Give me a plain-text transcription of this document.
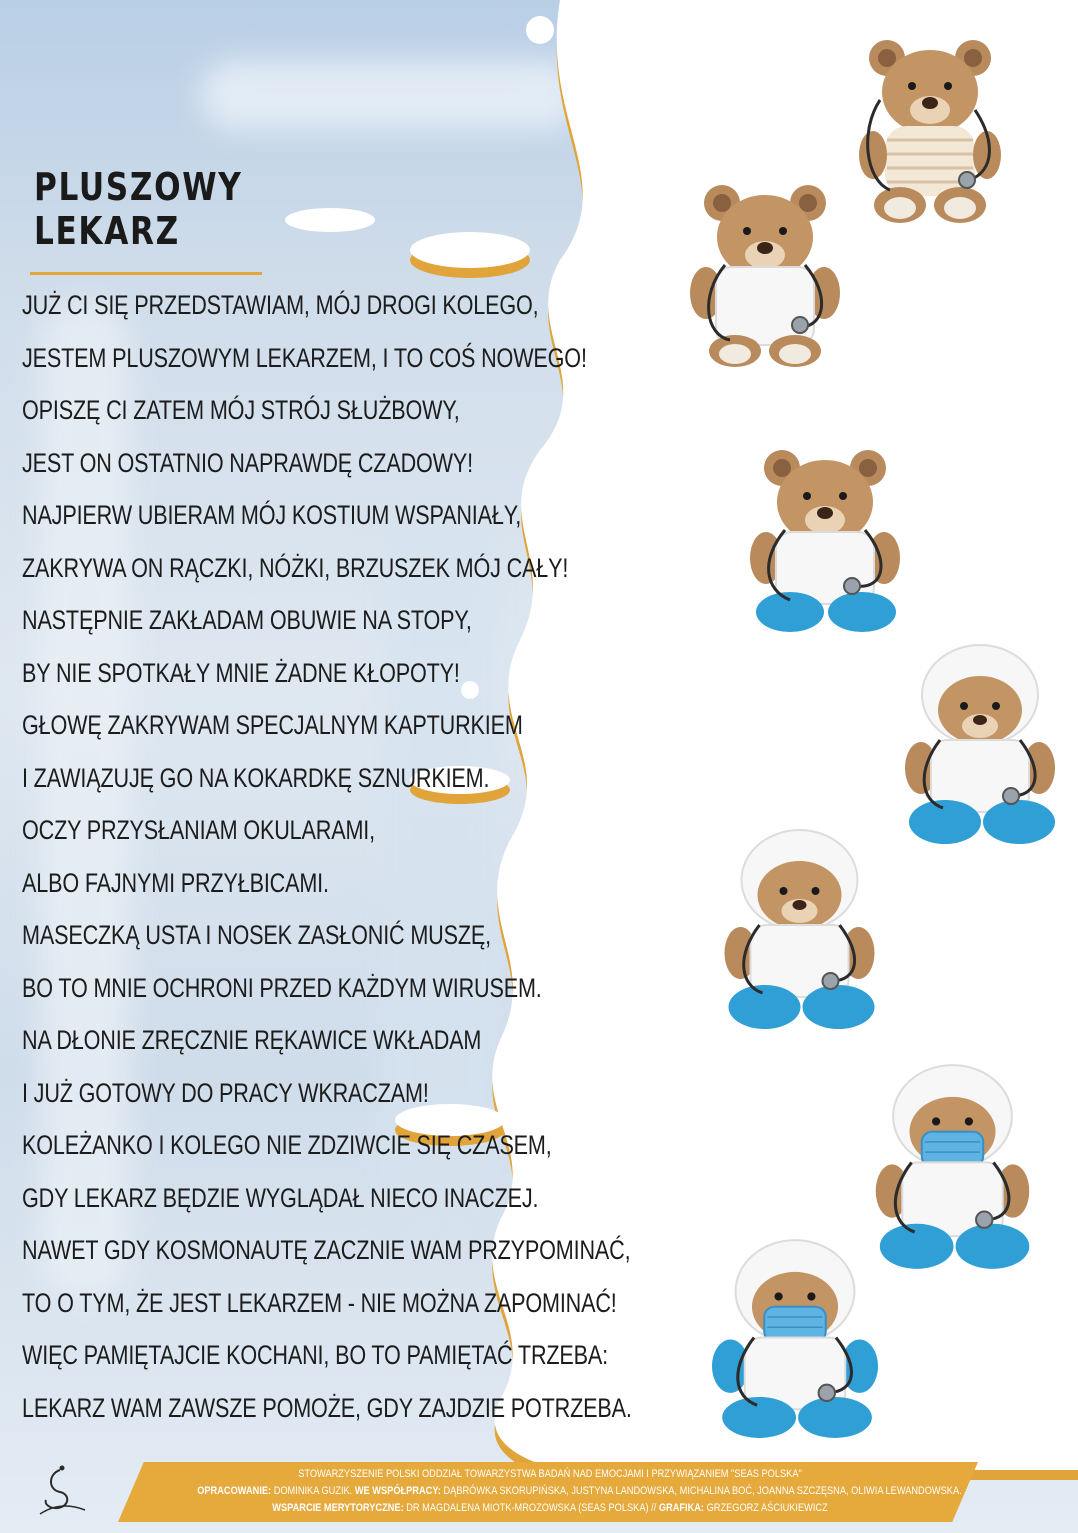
PLUSZOWY
LEKARZ
JUŻ CI SIĘ PRZEDSTAWIAM, MÓJ DROGI KOLEGO,
JESTEM PLUSZOWYM LEKARZEM, I TO COŚ NOWEGO!
OPISZĘ CI ZATEM MÓJ STRÓJ SŁUŻBOWY,
JEST ON OSTATNIO NAPRAWDĘ CZADOWY!
NAJPIERW UBIERAM MÓJ KOSTIUM WSPANIAŁY,
ZAKRYWA ON RĄCZKI, NÓŻKI, BRZUSZEK MÓJ CAŁY!
NASTĘPNIE ZAKŁADAM OBUWIE NA STOPY,
BY NIE SPOTKAŁY MNIE ŻADNE KŁOPOTY!
GŁOWĘ ZAKRYWAM SPECJALNYM KAPTURKIEM
I ZAWIĄZUJĘ GO NA KOKARDKĘ SZNURKIEM.
OCZY PRZYSŁANIAM OKULARAMI,
ALBO FAJNYMI PRZYŁBICAMI.
MASECZKĄ USTA I NOSEK ZASŁONIĆ MUSZĘ,
BO TO MNIE OCHRONI PRZED KAŻDYM WIRUSEM.
NA DŁONIE ZRĘCZNIE RĘKAWICE WKŁADAM
I JUŻ GOTOWY DO PRACY WKRACZAM!
KOLEŻANKO I KOLEGO NIE ZDZIWCIE SIĘ CZASEM,
GDY LEKARZ BĘDZIE WYGLĄDAŁ NIECO INACZEJ.
NAWET GDY KOSMONAUTĘ ZACZNIE WAM PRZYPOMINAĆ,
TO O TYM, ŻE JEST LEKARZEM - NIE MOŻNA ZAPOMINAĆ!
WIĘC PAMIĘTAJCIE KOCHANI, BO TO PAMIĘTAĆ TRZEBA:
LEKARZ WAM ZAWSZE POMOŻE, GDY ZAJDZIE POTRZEBA.
STOWARZYSZENIE POLSKI ODDZIAŁ TOWARZYSTWA BADAŃ NAD EMOCJAMI I PRZYWIĄZANIEM "SEAS POLSKA"
OPRACOWANIE: DOMINIKA GUZIK. WE WSPÓŁPRACY: DĄBRÓWKA SKORUPIŃSKA, JUSTYNA LANDOWSKA, MICHALINA BOĆ, JOANNA SZCZĘSNA, OLIWIA LEWANDOWSKA.
WSPARCIE MERYTORYCZNE: DR MAGDALENA MIOTK-MROZOWSKA (SEAS POLSKA) // GRAFIKA: GRZEGORZ AŚCIUKIEWICZ
